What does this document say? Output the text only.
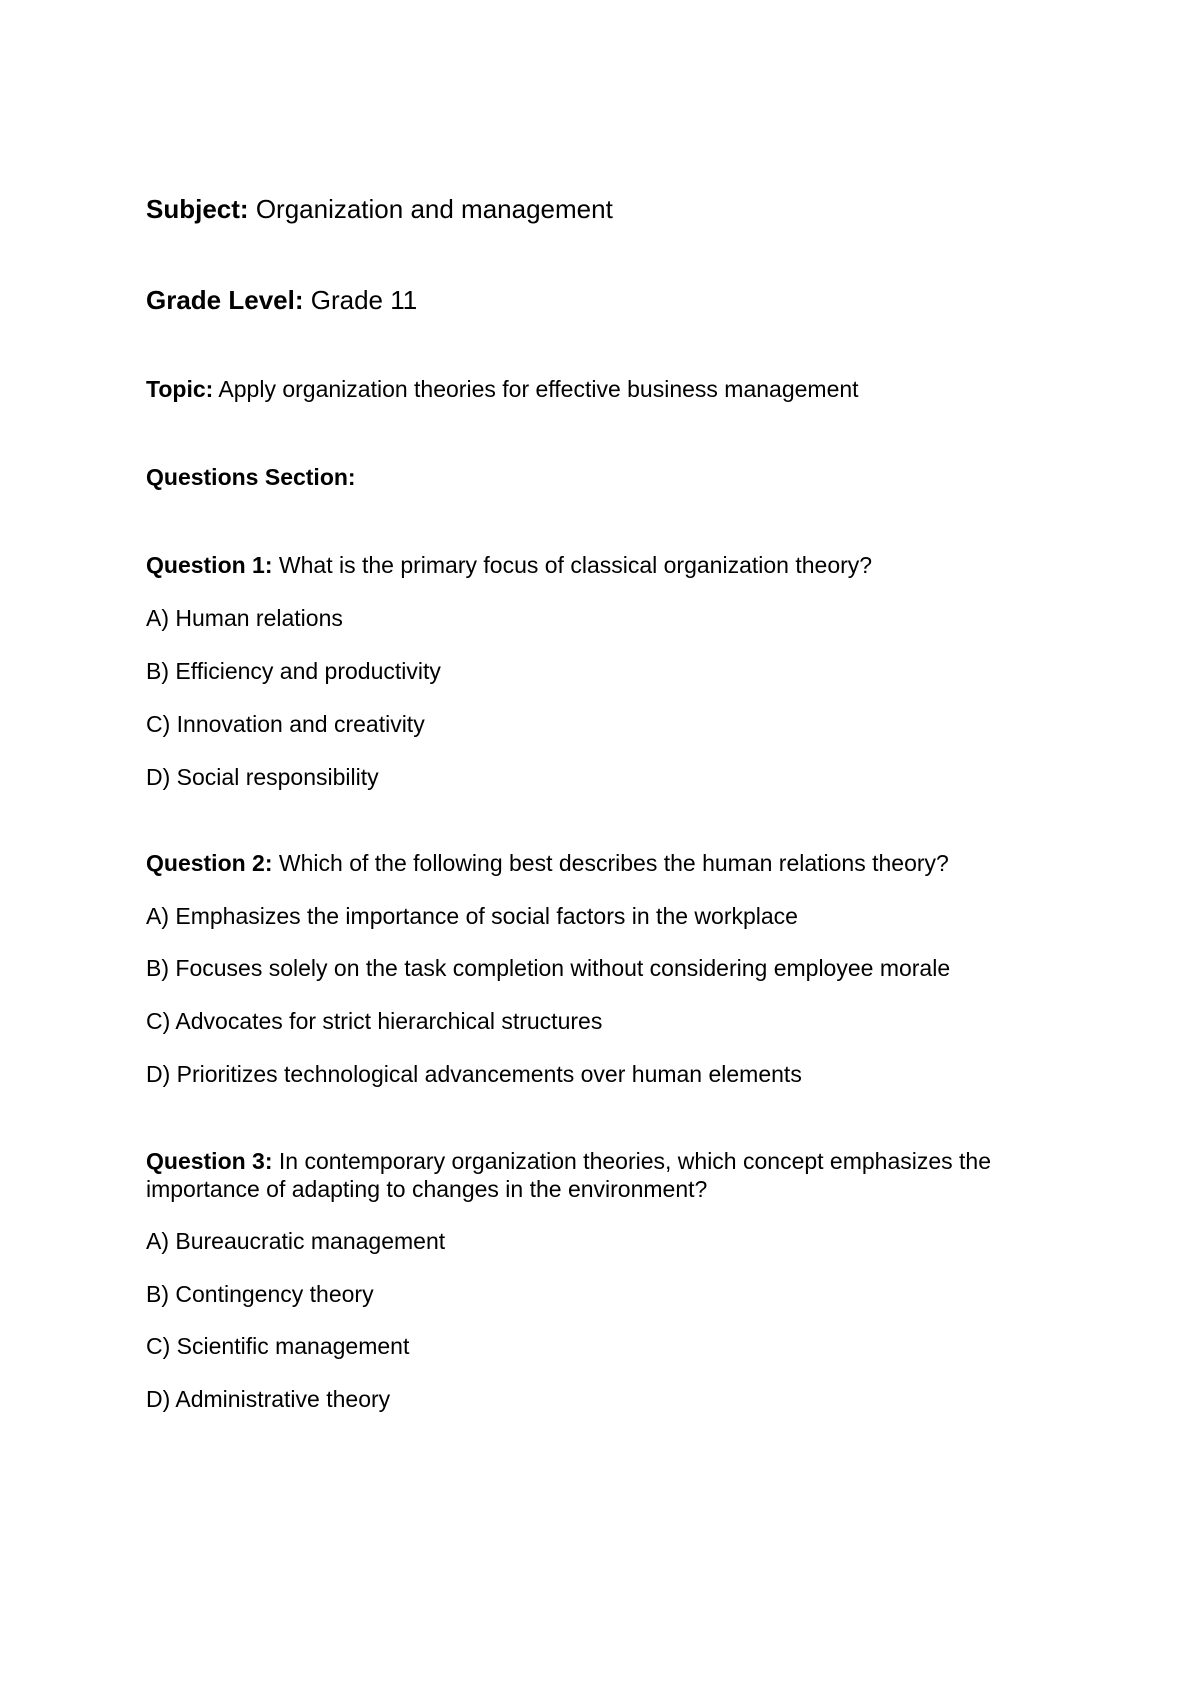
Subject: Organization and management

Grade Level: Grade 11

Topic: Apply organization theories for effective business management

Questions Section:

Question 1: What is the primary focus of classical organization theory?

A) Human relations

B) Efficiency and productivity

C) Innovation and creativity

D) Social responsibility

Question 2: Which of the following best describes the human relations theory?

A) Emphasizes the importance of social factors in the workplace

B) Focuses solely on the task completion without considering employee morale

C) Advocates for strict hierarchical structures

D) Prioritizes technological advancements over human elements

Question 3: In contemporary organization theories, which concept emphasizes the importance of adapting to changes in the environment?

A) Bureaucratic management

B) Contingency theory

C) Scientific management

D) Administrative theory
